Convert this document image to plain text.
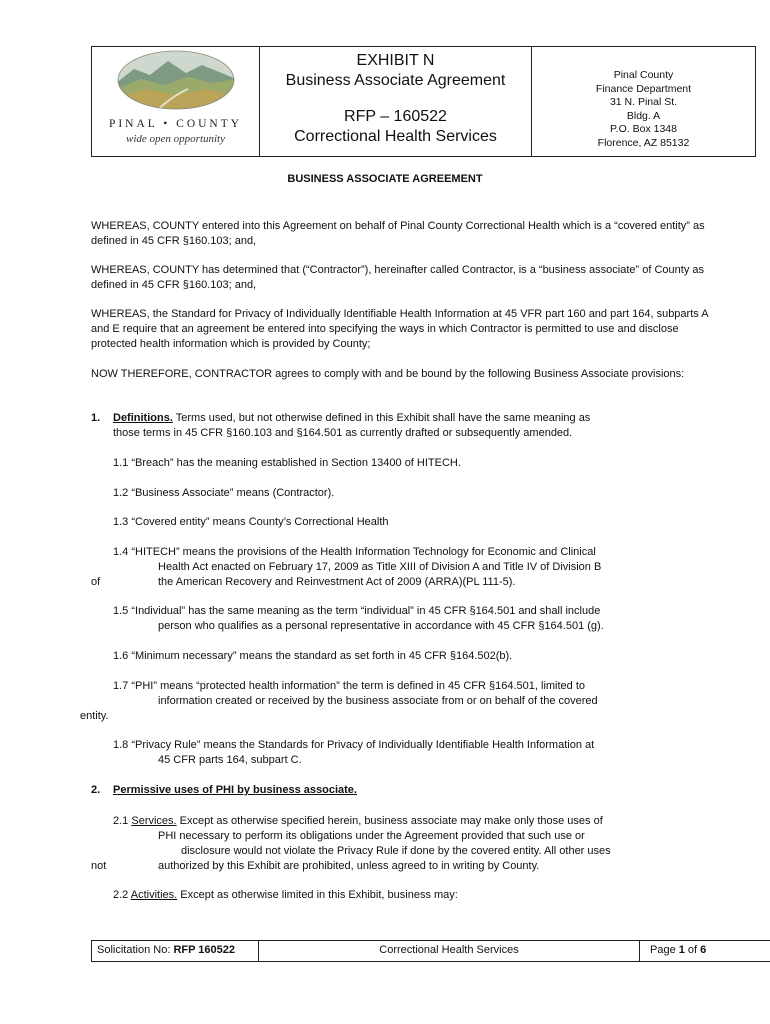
PINAL • COUNTY
wide open opportunity
EXHIBIT N
Business Associate Agreement
RFP – 160522
Correctional Health Services
Pinal County
Finance Department
31 N. Pinal St.
Bldg. A
P.O. Box 1348
Florence, AZ 85132
BUSINESS ASSOCIATE AGREEMENT
WHEREAS, COUNTY entered into this Agreement on behalf of Pinal County Correctional Health which is a “covered entity” as defined in 45 CFR §160.103; and,
WHEREAS, COUNTY has determined that (“Contractor”), hereinafter called Contractor, is a “business associate” of County as defined in 45 CFR §160.103; and,
WHEREAS, the Standard for Privacy of Individually Identifiable Health Information at 45 VFR part 160 and part 164, subparts A and E require that an agreement be entered into specifying the ways in which Contractor is permitted to use and disclose protected health information which is provided by County;
NOW THEREFORE, CONTRACTOR agrees to comply with and be bound by the following Business Associate provisions:
1. Definitions. Terms used, but not otherwise defined in this Exhibit shall have the same meaning as
those terms in 45 CFR §160.103 and §164.501 as currently drafted or subsequently amended.
1.1 “Breach” has the meaning established in Section 13400 of HITECH.
1.2 “Business Associate” means (Contractor).
1.3 “Covered entity” means County’s Correctional Health
1.4 “HITECH” means the provisions of the Health Information Technology for Economic and Clinical
Health Act enacted on February 17, 2009 as Title XIII of Division A and Title IV of Division B
of	the American Recovery and Reinvestment Act of 2009 (ARRA)(PL 111-5).
1.5 “Individual” has the same meaning as the term “individual” in 45 CFR §164.501 and shall include
person who qualifies as a personal representative in accordance with 45 CFR §164.501 (g).
1.6 “Minimum necessary” means the standard as set forth in 45 CFR §164.502(b).
1.7 “PHI” means “protected health information” the term is defined in 45 CFR §164.501, limited to
information created or received by the business associate from or on behalf of the covered
entity.
1.8 “Privacy Rule” means the Standards for Privacy of Individually Identifiable Health Information at
45 CFR parts 164, subpart C.
2. Permissive uses of PHI by business associate.
2.1 Services. Except as otherwise specified herein, business associate may make only those uses of
PHI necessary to perform its obligations under the Agreement provided that such use or
disclosure would not violate the Privacy Rule if done by the covered entity. All other uses
not	authorized by this Exhibit are prohibited, unless agreed to in writing by County.
2.2 Activities. Except as otherwise limited in this Exhibit, business may:
Solicitation No: RFP 160522	Correctional Health Services	Page 1 of 6
